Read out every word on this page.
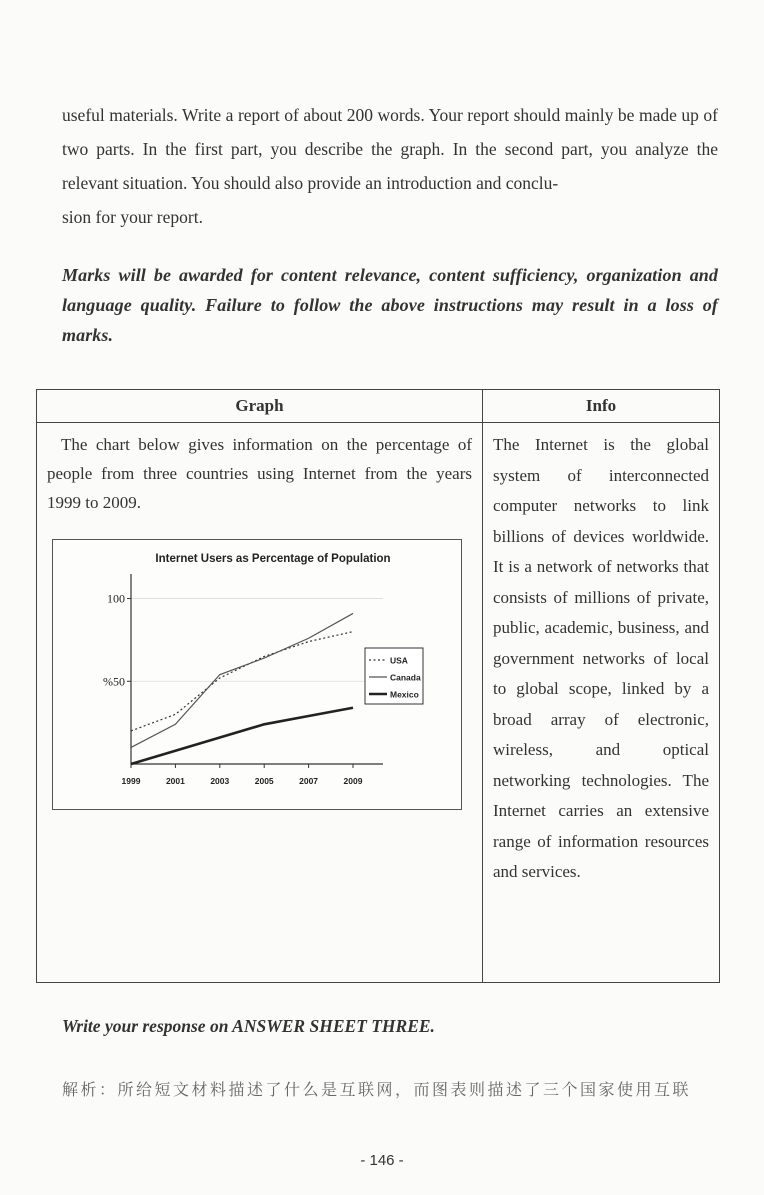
useful materials. Write a report of about 200 words. Your report should mainly be made up of two parts. In the first part, you describe the graph. In the second part, you analyze the relevant situation. You should also provide an introduction and conclu-
sion for your report.
Marks will be awarded for content relevance, content sufficiency, organization and language quality. Failure to follow the above instructions may result in a loss of marks.
Graph	Info
The chart below gives information on the percentage of people from three countries using Internet from the years 1999 to 2009.
Internet Users as Percentage of Population
100
%50
1999	2001	2003	2005	2007	2009
USA
Canada
Mexico
The Internet is the global system of interconnected computer networks to link billions of devices worldwide. It is a network of networks that consists of millions of private, public, academic, business, and government networks of local to global scope, linked by a broad array of electronic, wireless, and optical networking technologies. The Internet carries an extensive range of information resources and services.
Write your response on ANSWER SHEET THREE.
解析：所给短文材料描述了什么是互联网，而图表则描述了三个国家使用互联
- 146 -
